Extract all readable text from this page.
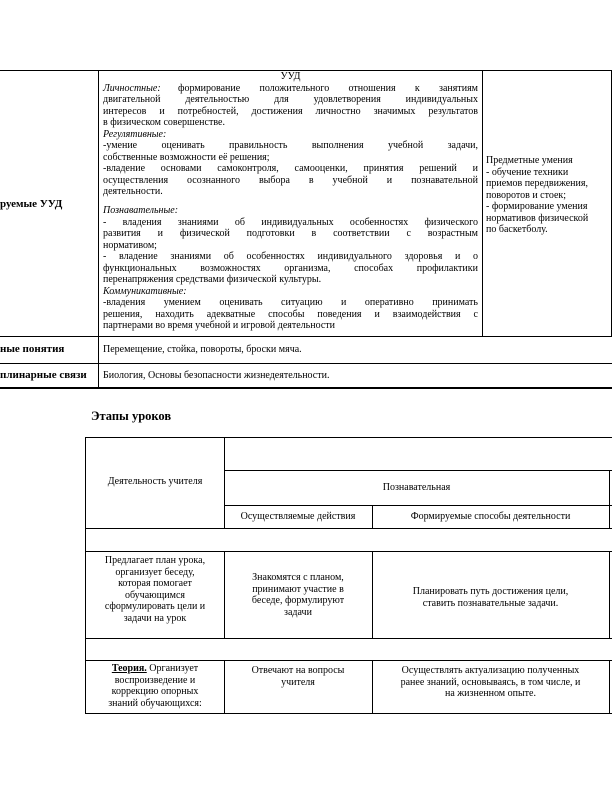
руемые УУД
ные понятия
плинарные связи
УУД
Личностные: формирование положительного отношения к занятиям
двигательной деятельностью для удовлетворения индивидуальных
интересов и потребностей, достижения личностно значимых результатов
в физическом совершенстве.
Регулятивные:
-умение оценивать правильность выполнения учебной задачи,
собственные возможности её решения;
-владение основами самоконтроля, самооценки, принятия решений и
осуществления осознанного выбора в учебной и познавательной
деятельности.
Познавательные:
- владения знаниями об индивидуальных особенностях физического
развития и физической подготовки в соответствии с возрастным
нормативом;
- владение знаниями об особенностях индивидуального здоровья и о
функциональных возможностях организма, способах профилактики
перенапряжения средствами физической культуры.
Коммуникативные:
-владения умением оценивать ситуацию и оперативно принимать
решения, находить адекватные способы поведения и взаимодействия с
партнерами во время учебной и игровой деятельности
Предметные умения
- обучение техники
приемов передвижения,
поворотов и стоек;
- формирование умения
нормативов физической
по баскетболу.
Перемещение, стойка, повороты, броски мяча.
Биология, Основы безопасности жизнедеятельности.
Этапы уроков
Деятельность учителя
Познавательная
Осуществляемые действия	Формируемые способы деятельности
Предлагает план урока,
организует беседу,
которая помогает
обучающимся
сформулировать цели и
задачи на урок
Знакомятся с планом,
принимают участие в
беседе, формулируют
задачи
Планировать путь достижения цели,
ставить познавательные задачи.
Теория. Организует
воспроизведение и
коррекцию опорных
знаний обучающихся:
Отвечают на вопросы
учителя
Осуществлять актуализацию полученных
ранее знаний, основываясь, в том числе, и
на жизненном опыте.
